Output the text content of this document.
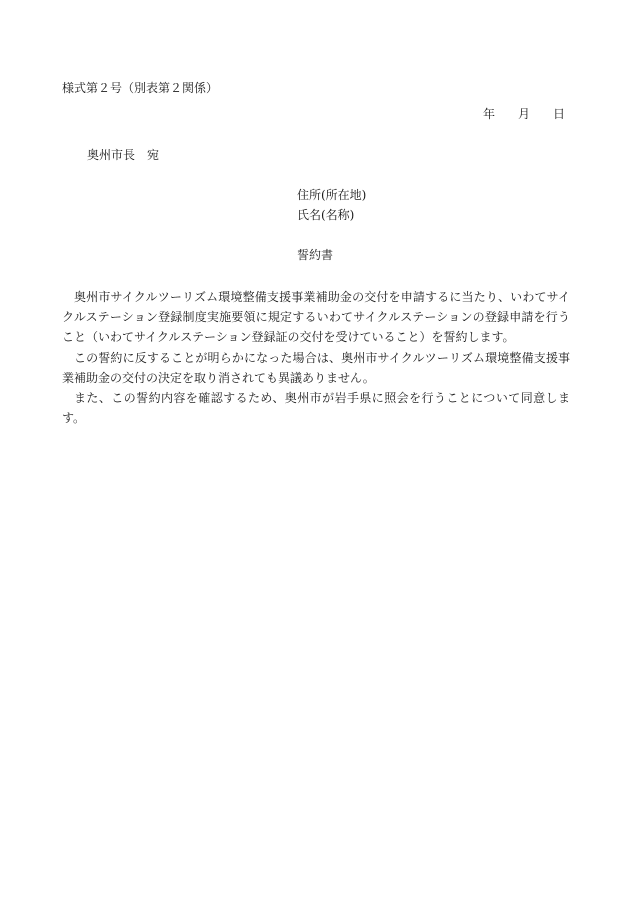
様式第２号（別表第２関係）
年 月 日
奥州市長 宛
住所(所在地)
氏名(名称)
誓約書

奥州市サイクルツーリズム環境整備支援事業補助金の交付を申請するに当たり、いわてサイクルステーション登録制度実施要領に規定するいわてサイクルステーションの登録申請を行うこと（いわてサイクルステーション登録証の交付を受けていること）を誓約します。

この誓約に反することが明らかになった場合は、奥州市サイクルツーリズム環境整備支援事業補助金の交付の決定を取り消されても異議ありません。

また、この誓約内容を確認するため、奥州市が岩手県に照会を行うことについて同意します。
